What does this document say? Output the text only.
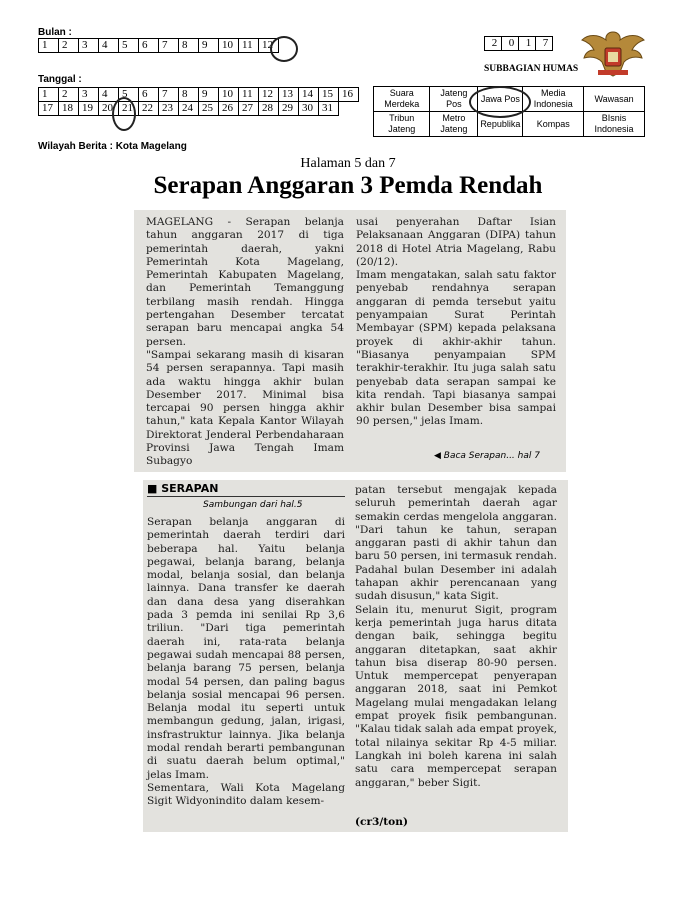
Bulan :
1	2	3	4	5	6	7	8	9	10	11	12
Tanggal :
1	2	3	4	5	6	7	8	9	10	11	12	13	14	15	16
17	18	19	20	21	22	23	24	25	26	27	28	29	30	31	
Wilayah Berita : Kota Magelang
2	0	1	7
SUBBAGIAN HUMAS
Suara Merdeka	Jateng Pos	Jawa Pos	Media Indonesia	Wawasan
Tribun Jateng	Metro Jateng	Republika	Kompas	BIsnis Indonesia
Halaman 5 dan 7
Serapan Anggaran 3 Pemda Rendah
MAGELANG - Serapan belanja tahun anggaran 2017 di tiga pemerintah daerah, yakni Pemerintah Kota Magelang, Pemerintah Kabupaten Magelang, dan Pemerintah Temanggung terbilang masih rendah. Hingga pertengahan Desember tercatat serapan baru mencapai angka 54 persen.
"Sampai sekarang masih di kisaran 54 persen serapannya. Tapi masih ada waktu hingga akhir bulan Desember 2017. Minimal bisa tercapai 90 persen hingga akhir tahun," kata Kepala Kantor Wilayah Direktorat Jenderal Perbendaharaan Provinsi Jawa Tengah Imam Subagyo
usai penyerahan Daftar Isian Pelaksanaan Anggaran (DIPA) tahun 2018 di Hotel Atria Magelang, Rabu (20/12).
Imam mengatakan, salah satu faktor penyebab rendahnya serapan anggaran di pemda tersebut yaitu penyampaian Surat Perintah Membayar (SPM) kepada pelaksana proyek di akhir-akhir tahun. "Biasanya penyampaian SPM terakhir-terakhir. Itu juga salah satu penyebab data serapan sampai ke kita rendah. Tapi biasanya sampai akhir bulan Desember bisa sampai 90 persen," jelas Imam.
◀ Baca Serapan... hal 7
■ SERAPAN
Sambungan dari hal.5
Serapan belanja anggaran di pemerintah daerah terdiri dari beberapa hal. Yaitu belanja pegawai, belanja barang, belanja modal, belanja sosial, dan belanja lainnya. Dana transfer ke daerah dan dana desa yang diserahkan pada 3 pemda ini senilai Rp 3,6 triliun. "Dari tiga pemerintah daerah ini, rata-rata belanja pegawai sudah mencapai 88 persen, belanja barang 75 persen, belanja modal 54 persen, dan paling bagus belanja sosial mencapai 96 persen. Belanja modal itu seperti untuk membangun gedung, jalan, irigasi, insfrastruktur lainnya. Jika belanja modal rendah berarti pembangunan di suatu daerah belum optimal," jelas Imam.
Sementara, Wali Kota Magelang Sigit Widyonindito dalam kesem-
patan tersebut mengajak kepada seluruh pemerintah daerah agar semakin cerdas mengelola anggaran. "Dari tahun ke tahun, serapan anggaran pasti di akhir tahun dan baru 50 persen, ini termasuk rendah. Padahal bulan Desember ini adalah tahapan akhir perencanaan yang sudah disusun," kata Sigit.
Selain itu, menurut Sigit, program kerja pemerintah juga harus ditata dengan baik, sehingga begitu anggaran ditetapkan, saat akhir tahun bisa diserap 80-90 persen. Untuk mempercepat penyerapan anggaran 2018, saat ini Pemkot Magelang mulai mengadakan lelang empat proyek fisik pembangunan. "Kalau tidak salah ada empat proyek, total nilainya sekitar Rp 4-5 miliar. Langkah ini boleh karena ini salah satu cara mempercepat serapan anggaran," beber Sigit.
(cr3/ton)
